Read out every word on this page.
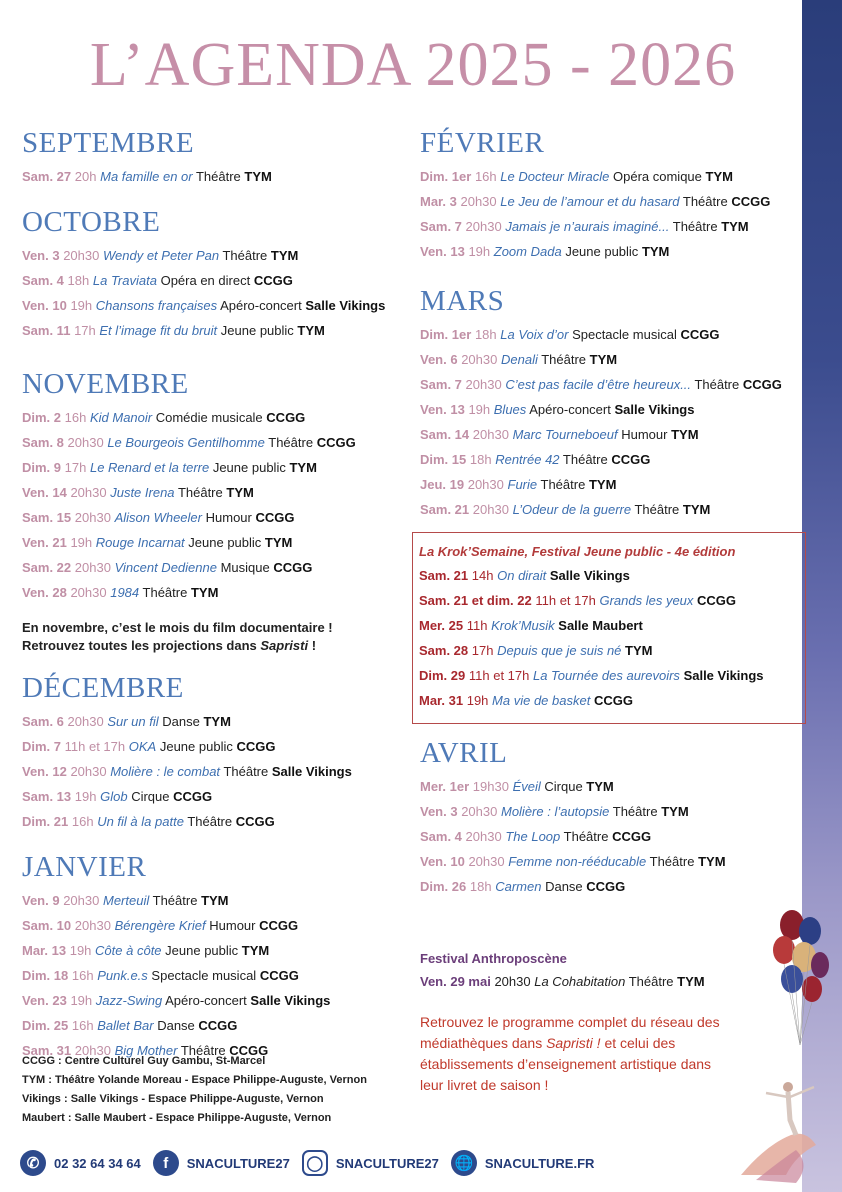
L’AGENDA 2025 - 2026
SEPTEMBRE
Sam. 27 20h Ma famille en or Théâtre TYM
OCTOBRE
Ven. 3 20h30 Wendy et Peter Pan Théâtre TYM
Sam. 4 18h La Traviata Opéra en direct CCGG
Ven. 10 19h Chansons françaises Apéro-concert Salle Vikings
Sam. 11 17h Et l’image fit du bruit Jeune public TYM
NOVEMBRE
Dim. 2 16h Kid Manoir Comédie musicale CCGG
Sam. 8 20h30 Le Bourgeois Gentilhomme Théâtre CCGG
Dim. 9 17h Le Renard et la terre Jeune public TYM
Ven. 14 20h30 Juste Irena Théâtre TYM
Sam. 15 20h30 Alison Wheeler Humour CCGG
Ven. 21 19h Rouge Incarnat Jeune public TYM
Sam. 22 20h30 Vincent Dedienne Musique CCGG
Ven. 28 20h30 1984 Théâtre TYM
En novembre, c’est le mois du film documentaire !
Retrouvez toutes les projections dans Sapristi !
DÉCEMBRE
Sam. 6 20h30 Sur un fil Danse TYM
Dim. 7 11h et 17h OKA Jeune public CCGG
Ven. 12 20h30 Molière : le combat Théâtre Salle Vikings
Sam. 13 19h Glob Cirque CCGG
Dim. 21 16h Un fil à la patte Théâtre CCGG
JANVIER
Ven. 9 20h30 Merteuil Théâtre TYM
Sam. 10 20h30 Bérengère Krief Humour CCGG
Mar. 13 19h Côte à côte Jeune public TYM
Dim. 18 16h Punk.e.s Spectacle musical CCGG
Ven. 23 19h Jazz-Swing Apéro-concert Salle Vikings
Dim. 25 16h Ballet Bar Danse CCGG
Sam. 31 20h30 Big Mother Théâtre CCGG
FÉVRIER
Dim. 1er 16h Le Docteur Miracle Opéra comique TYM
Mar. 3 20h30 Le Jeu de l’amour et du hasard Théâtre CCGG
Sam. 7 20h30 Jamais je n’aurais imaginé... Théâtre TYM
Ven. 13 19h Zoom Dada Jeune public TYM
MARS
Dim. 1er 18h La Voix d’or Spectacle musical CCGG
Ven. 6 20h30 Denali Théâtre TYM
Sam. 7 20h30 C’est pas facile d’être heureux... Théâtre CCGG
Ven. 13 19h Blues Apéro-concert Salle Vikings
Sam. 14 20h30 Marc Tourneboeuf Humour TYM
Dim. 15 18h Rentrée 42 Théâtre CCGG
Jeu. 19 20h30 Furie Théâtre TYM
Sam. 21 20h30 L’Odeur de la guerre Théâtre TYM
La Krok’Semaine, Festival Jeune public - 4e édition
Sam. 21 14h On dirait Salle Vikings
Sam. 21 et dim. 22 11h et 17h Grands les yeux CCGG
Mer. 25 11h Krok’Musik Salle Maubert
Sam. 28 17h Depuis que je suis né TYM
Dim. 29 11h et 17h La Tournée des aurevoirs Salle Vikings
Mar. 31 19h Ma vie de basket CCGG
AVRIL
Mer. 1er 19h30 Éveil Cirque TYM
Ven. 3 20h30 Molière : l’autopsie Théâtre TYM
Sam. 4 20h30 The Loop Théâtre CCGG
Ven. 10 20h30 Femme non-rééducable Théâtre TYM
Dim. 26 18h Carmen Danse CCGG
Festival Anthroposcène
Ven. 29 mai 20h30 La Cohabitation Théâtre TYM
Retrouvez le programme complet du réseau des médiathèques dans Sapristi ! et celui des établissements d’enseignement artistique dans leur livret de saison !
CCGG : Centre Culturel Guy Gambu, St-Marcel
TYM : Théâtre Yolande Moreau - Espace Philippe-Auguste, Vernon
Vikings : Salle Vikings - Espace Philippe-Auguste, Vernon
Maubert : Salle Maubert - Espace Philippe-Auguste, Vernon
✆	02 32 64 34 64	f	SNACULTURE27	◯ SNACULTURE27 🌐 SNACULTURE.FR
